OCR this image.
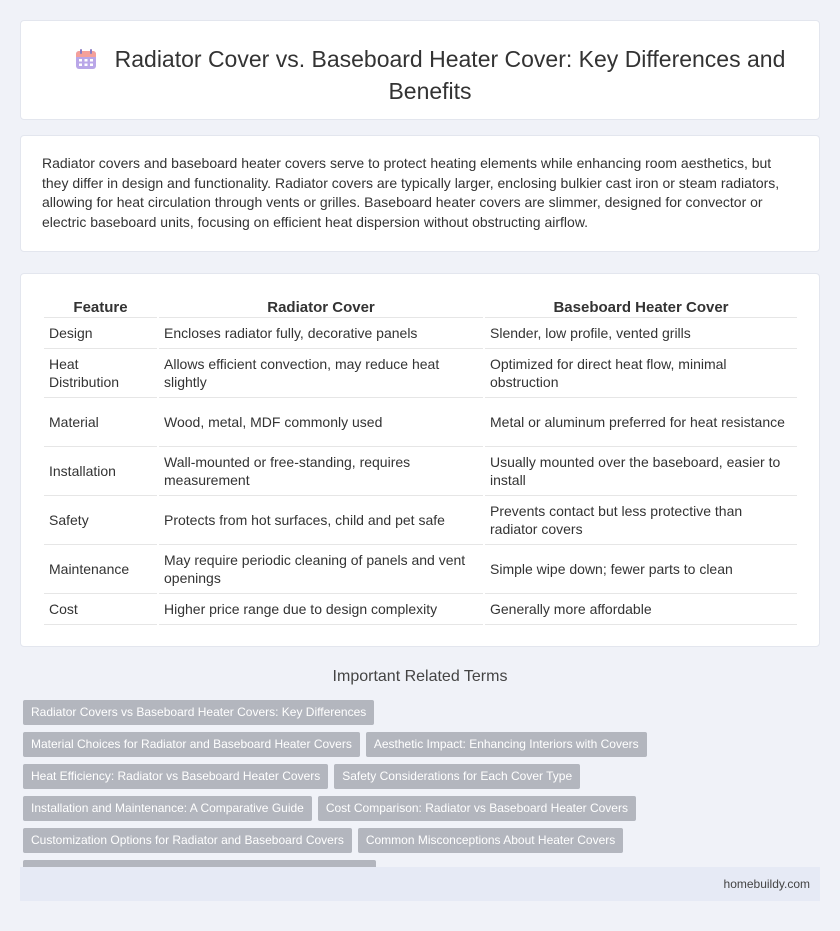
Radiator Cover vs. Baseboard Heater Cover: Key Differences and Benefits

Radiator covers and baseboard heater covers serve to protect heating elements while enhancing room aesthetics, but they differ in design and functionality. Radiator covers are typically larger, enclosing bulkier cast iron or steam radiators, allowing for heat circulation through vents or grilles. Baseboard heater covers are slimmer, designed for convector or electric baseboard units, focusing on efficient heat dispersion without obstructing airflow.

Feature	Radiator Cover	Baseboard Heater Cover
Design	Encloses radiator fully, decorative panels	Slender, low profile, vented grills
Heat Distribution	Allows efficient convection, may reduce heat slightly	Optimized for direct heat flow, minimal obstruction
Material	Wood, metal, MDF commonly used	Metal or aluminum preferred for heat resistance
Installation	Wall-mounted or free-standing, requires measurement	Usually mounted over the baseboard, easier to install
Safety	Protects from hot surfaces, child and pet safe	Prevents contact but less protective than radiator covers
Maintenance	May require periodic cleaning of panels and vent openings	Simple wipe down; fewer parts to clean
Cost	Higher price range due to design complexity	Generally more affordable
Important Related Terms
Radiator Covers vs Baseboard Heater Covers: Key Differences
Material Choices for Radiator and Baseboard Heater Covers	Aesthetic Impact: Enhancing Interiors with Covers
Heat Efficiency: Radiator vs Baseboard Heater Covers	Safety Considerations for Each Cover Type
Installation and Maintenance: A Comparative Guide	Cost Comparison: Radiator vs Baseboard Heater Covers
Customization Options for Radiator and Baseboard Covers	Common Misconceptions About Heater Covers
homebuildy.com
